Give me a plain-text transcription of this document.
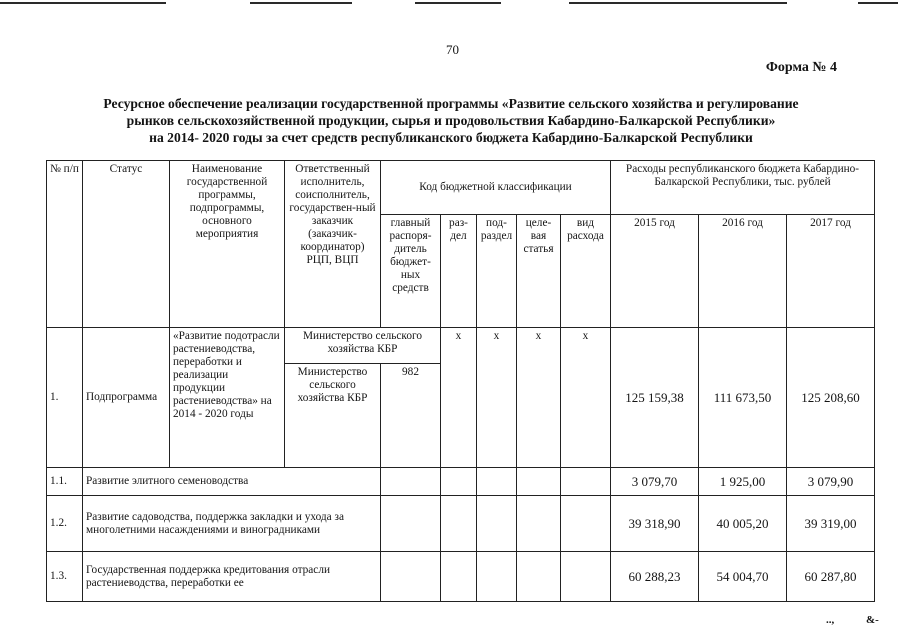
70
Форма № 4
Ресурсное обеспечение реализации государственной программы «Развитие сельского хозяйства и регулирование
рынков сельскохозяйственной продукции, сырья и продовольствия Кабардино-Балкарской Республики»
на 2014- 2020 годы за счет средств республиканского бюджета Кабардино-Балкарской Республики
№ п/п	Статус	Наименование государственной программы, подпрограммы, основного мероприятия	Ответственный исполнитель, соисполнитель, государствен-ный заказчик (заказчик-координатор) РЦП, ВЦП	Код бюджетной классификации					Расходы республиканского бюджета Кабардино-Балкарской Республики, тыс. рублей		
				главный распоря-дитель бюджет-ных средств	раз-дел	под-раздел	целе-вая статья	вид расхода	2015 год	2016 год	2017 год
1.	Подпрограмма	«Развитие подотрасли растениеводства, переработки и реализации продукции растениеводства» на 2014 - 2020 годы	Министерство сельского хозяйства КБР		х	х	х	х	125 159,38	111 673,50	125 208,60
			Министерство сельского хозяйства КБР	982							
1.1.	Развитие элитного семеноводства								3 079,70	1 925,00	3 079,90
1.2.	Развитие садоводства, поддержка закладки и ухода за многолетними насаждениями и виноградниками								39 318,90	40 005,20	39 319,00
1.3.	Государственная поддержка кредитования отрасли растениеводства, переработки ее								60 288,23	54 004,70	60 287,80
..,	&-
